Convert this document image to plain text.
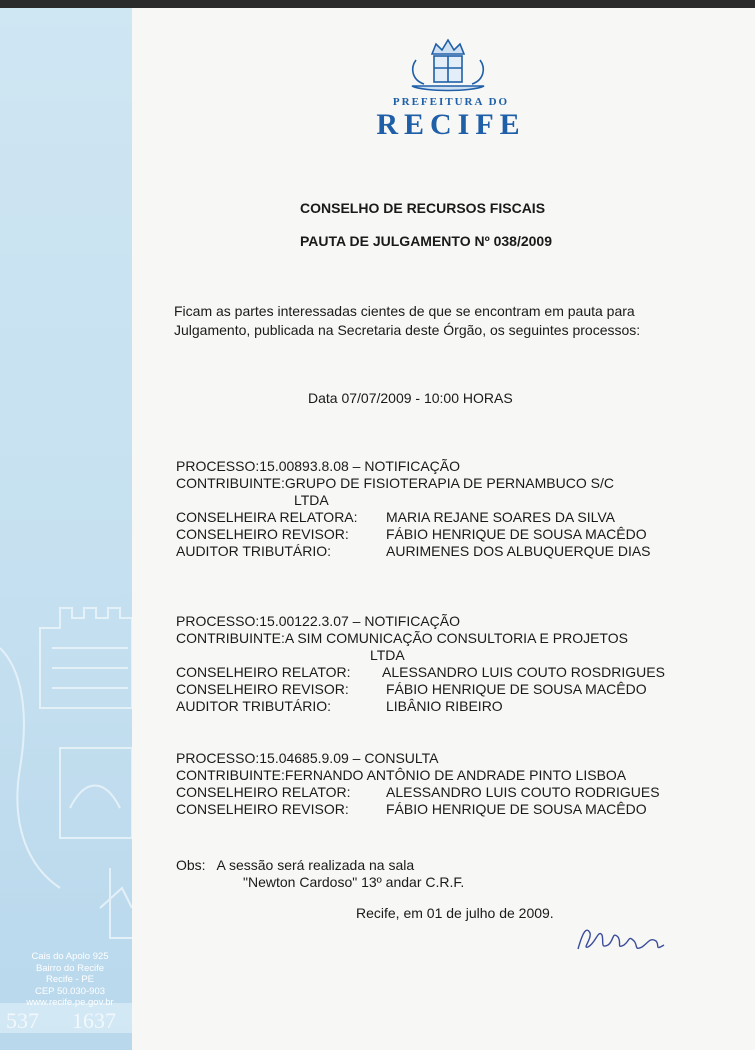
537 1637
Cais do Apolo 925
Bairro do Recife
Recife - PE
CEP 50.030-903
www.recife.pe.gov.br
PREFEITURA DO
RECIFE
CONSELHO DE RECURSOS FISCAIS
PAUTA DE JULGAMENTO Nº 038/2009
Ficam as partes interessadas cientes de que se encontram em pauta para Julgamento, publicada na Secretaria deste Órgão, os seguintes processos:
Data 07/07/2009 - 10:00 HORAS
PROCESSO:15.00893.8.08 – NOTIFICAÇÃO
CONTRIBUINTE: GRUPO DE FISIOTERAPIA DE PERNAMBUCO S/C
LTDA
CONSELHEIRA RELATORA:	MARIA REJANE SOARES DA SILVA
CONSELHEIRO REVISOR:	FÁBIO HENRIQUE DE SOUSA MACÊDO
AUDITOR TRIBUTÁRIO:	AURIMENES DOS ALBUQUERQUE DIAS
PROCESSO:15.00122.3.07 – NOTIFICAÇÃO
CONTRIBUINTE: A SIM COMUNICAÇÃO CONSULTORIA E PROJETOS
LTDA
CONSELHEIRO RELATOR:	ALESSANDRO LUIS COUTO ROSDRIGUES
CONSELHEIRO REVISOR:	FÁBIO HENRIQUE DE SOUSA MACÊDO
AUDITOR TRIBUTÁRIO:	LIBÂNIO RIBEIRO
PROCESSO:15.04685.9.09 – CONSULTA
CONTRIBUINTE: FERNANDO ANTÔNIO DE ANDRADE PINTO LISBOA
CONSELHEIRO RELATOR:	ALESSANDRO LUIS COUTO RODRIGUES
CONSELHEIRO REVISOR:	FÁBIO HENRIQUE DE SOUSA MACÊDO
Obs: A sessão será realizada na sala
"Newton Cardoso" 13º andar C.R.F.
Recife, em 01 de julho de 2009.
